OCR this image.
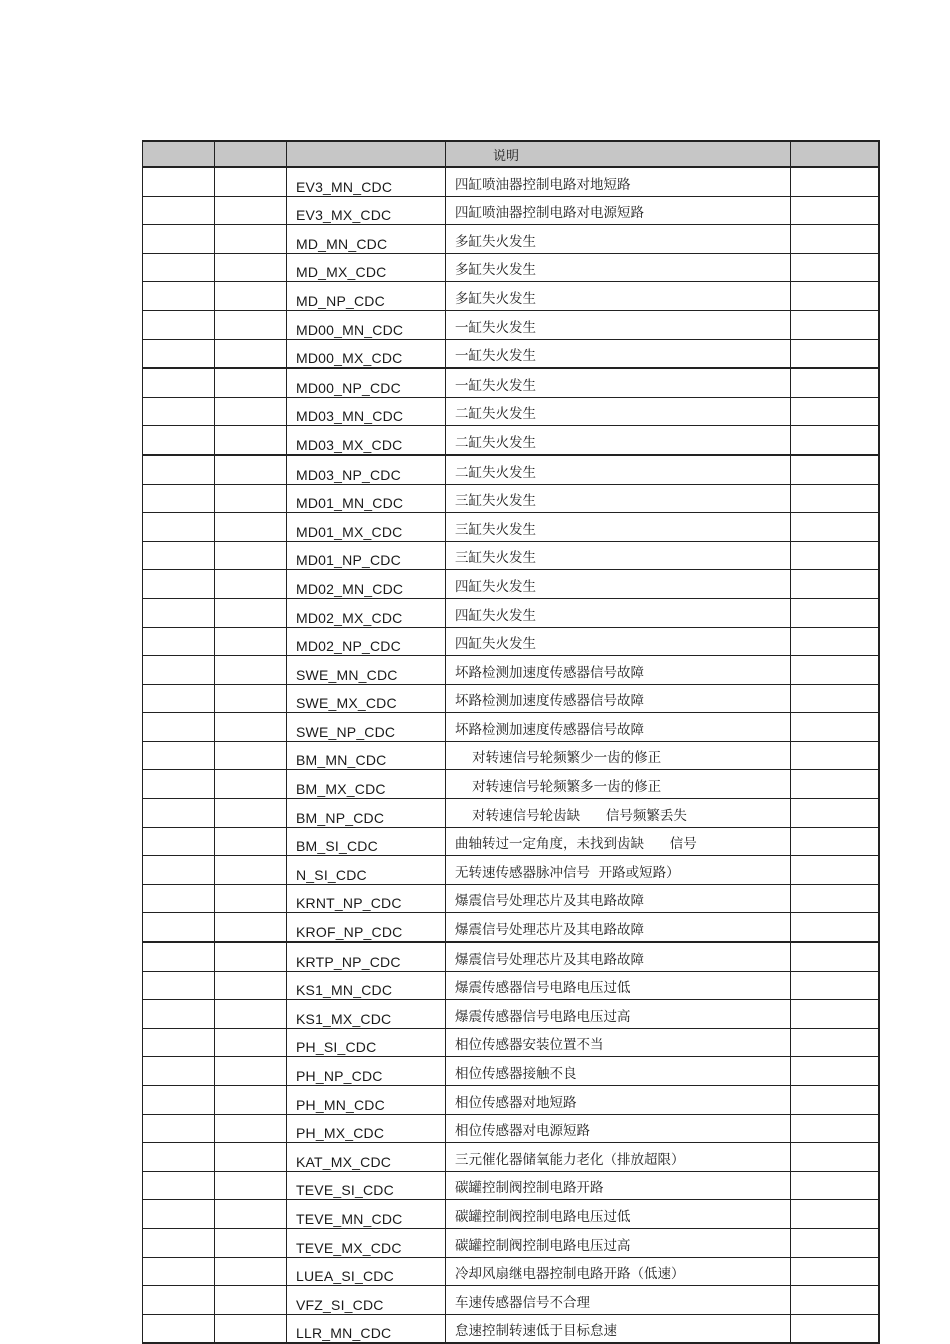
			说明	
		EV3_MN_CDC	四缸喷油器控制电路对地短路	
		EV3_MX_CDC	四缸喷油器控制电路对电源短路	
		MD_MN_CDC	多缸失火发生	
		MD_MX_CDC	多缸失火发生	
		MD_NP_CDC	多缸失火发生	
		MD00_MN_CDC	一缸失火发生	
		MD00_MX_CDC	一缸失火发生	
		MD00_NP_CDC	一缸失火发生	
		MD03_MN_CDC	二缸失火发生	
		MD03_MX_CDC	二缸失火发生	
		MD03_NP_CDC	二缸失火发生	
		MD01_MN_CDC	三缸失火发生	
		MD01_MX_CDC	三缸失火发生	
		MD01_NP_CDC	三缸失火发生	
		MD02_MN_CDC	四缸失火发生	
		MD02_MX_CDC	四缸失火发生	
		MD02_NP_CDC	四缸失火发生	
		SWE_MN_CDC	坏路检测加速度传感器信号故障	
		SWE_MX_CDC	坏路检测加速度传感器信号故障	
		SWE_NP_CDC	坏路检测加速度传感器信号故障	
		BM_MN_CDC	对转速信号轮频繁少一齿的修正	
		BM_MX_CDC	对转速信号轮频繁多一齿的修正	
		BM_NP_CDC	对转速信号轮齿缺      信号频繁丢失	
		BM_SI_CDC	曲轴转过一定角度，未找到齿缺      信号	
		N_SI_CDC	无转速传感器脉冲信号  开路或短路）	
		KRNT_NP_CDC	爆震信号处理芯片及其电路故障	
		KROF_NP_CDC	爆震信号处理芯片及其电路故障	
		KRTP_NP_CDC	爆震信号处理芯片及其电路故障	
		KS1_MN_CDC	爆震传感器信号电路电压过低	
		KS1_MX_CDC	爆震传感器信号电路电压过高	
		PH_SI_CDC	相位传感器安装位置不当	
		PH_NP_CDC	相位传感器接触不良	
		PH_MN_CDC	相位传感器对地短路	
		PH_MX_CDC	相位传感器对电源短路	
		KAT_MX_CDC	三元催化器储氧能力老化（排放超限）	
		TEVE_SI_CDC	碳罐控制阀控制电路开路	
		TEVE_MN_CDC	碳罐控制阀控制电路电压过低	
		TEVE_MX_CDC	碳罐控制阀控制电路电压过高	
		LUEA_SI_CDC	冷却风扇继电器控制电路开路（低速）	
		VFZ_SI_CDC	车速传感器信号不合理	
		LLR_MN_CDC	怠速控制转速低于目标怠速	
